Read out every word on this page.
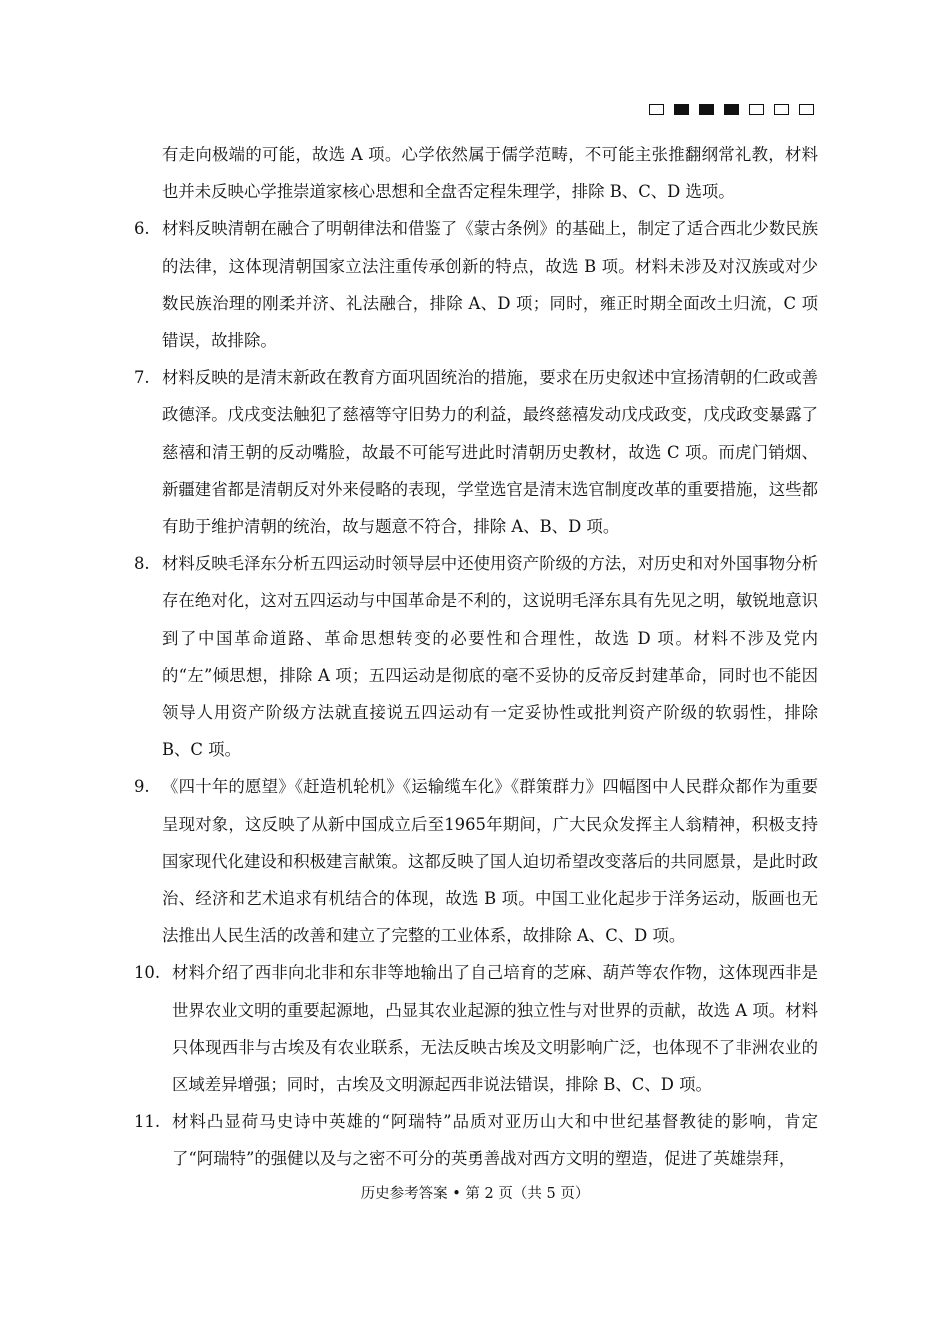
有走向极端的可能，故选 A 项。心学依然属于儒学范畴，不可能主张推翻纲常礼教，材料也并未反映心学推崇道家核心思想和全盘否定程朱理学，排除 B、C、D 选项。
6. 材料反映清朝在融合了明朝律法和借鉴了《蒙古条例》的基础上，制定了适合西北少数民族的法律，这体现清朝国家立法注重传承创新的特点，故选 B 项。材料未涉及对汉族或对少数民族治理的刚柔并济、礼法融合，排除 A、D 项；同时，雍正时期全面改土归流，C 项错误，故排除。
7. 材料反映的是清末新政在教育方面巩固统治的措施，要求在历史叙述中宣扬清朝的仁政或善政德泽。戊戌变法触犯了慈禧等守旧势力的利益，最终慈禧发动戊戌政变，戊戌政变暴露了慈禧和清王朝的反动嘴脸，故最不可能写进此时清朝历史教材，故选 C 项。而虎门销烟、新疆建省都是清朝反对外来侵略的表现，学堂选官是清末选官制度改革的重要措施，这些都有助于维护清朝的统治，故与题意不符合，排除 A、B、D 项。
8. 材料反映毛泽东分析五四运动时领导层中还使用资产阶级的方法，对历史和对外国事物分析存在绝对化，这对五四运动与中国革命是不利的，这说明毛泽东具有先见之明，敏锐地意识到了中国革命道路、革命思想转变的必要性和合理性，故选 D 项。材料不涉及党内的“左”倾思想，排除 A 项；五四运动是彻底的毫不妥协的反帝反封建革命，同时也不能因领导人用资产阶级方法就直接说五四运动有一定妥协性或批判资产阶级的软弱性，排除 B、C 项。
9. 《四十年的愿望》《赶造机轮机》《运输缆车化》《群策群力》四幅图中人民群众都作为重要呈现对象，这反映了从新中国成立后至1965年期间，广大民众发挥主人翁精神，积极支持国家现代化建设和积极建言献策。这都反映了国人迫切希望改变落后的共同愿景，是此时政治、经济和艺术追求有机结合的体现，故选 B 项。中国工业化起步于洋务运动，版画也无法推出人民生活的改善和建立了完整的工业体系，故排除 A、C、D 项。
10. 材料介绍了西非向北非和东非等地输出了自己培育的芝麻、葫芦等农作物，这体现西非是世界农业文明的重要起源地，凸显其农业起源的独立性与对世界的贡献，故选 A 项。材料只体现西非与古埃及有农业联系，无法反映古埃及文明影响广泛，也体现不了非洲农业的区域差异增强；同时，古埃及文明源起西非说法错误，排除 B、C、D 项。
11. 材料凸显荷马史诗中英雄的“阿瑞特”品质对亚历山大和中世纪基督教徒的影响，肯定了“阿瑞特”的强健以及与之密不可分的英勇善战对西方文明的塑造，促进了英雄崇拜，
历史参考答案 • 第 2 页（共 5 页）
